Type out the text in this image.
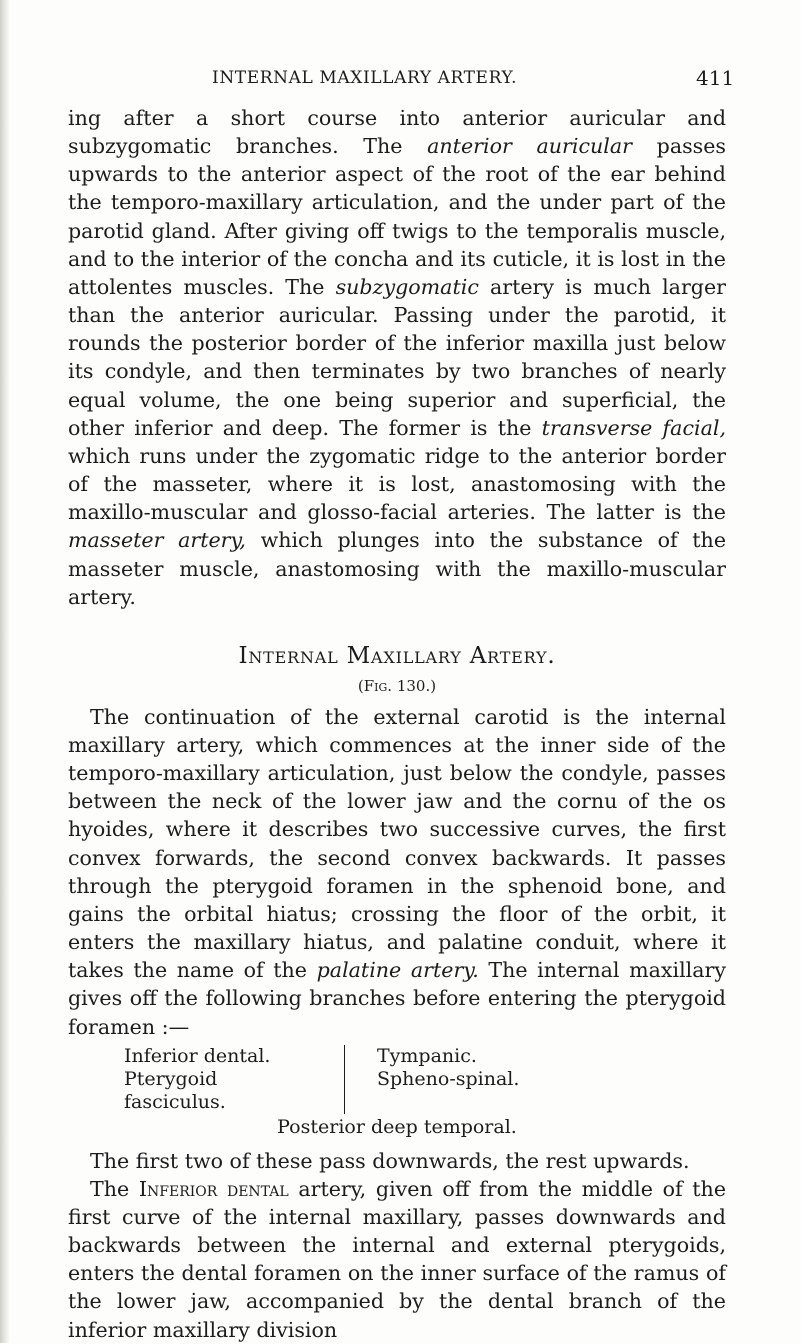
INTERNAL MAXILLARY ARTERY.	411

ing after a short course into anterior auricular and subzygomatic branches. The anterior auricular passes upwards to the anterior aspect of the root of the ear behind the temporo-maxillary articulation, and the under part of the parotid gland. After giving off twigs to the temporalis muscle, and to the interior of the concha and its cuticle, it is lost in the attolentes muscles. The subzygomatic artery is much larger than the anterior auricular. Passing under the parotid, it rounds the posterior border of the inferior maxilla just below its condyle, and then terminates by two branches of nearly equal volume, the one being superior and superficial, the other inferior and deep. The former is the transverse facial, which runs under the zygomatic ridge to the anterior border of the masseter, where it is lost, anastomosing with the maxillo-muscular and glosso-facial arteries. The latter is the masseter artery, which plunges into the substance of the masseter muscle, anastomosing with the maxillo-muscular artery.

Internal Maxillary Artery.
(Fig. 130.)

The continuation of the external carotid is the internal maxillary artery, which commences at the inner side of the temporo-maxillary articulation, just below the condyle, passes between the neck of the lower jaw and the cornu of the os hyoides, where it describes two successive curves, the first convex forwards, the second convex backwards. It passes through the pterygoid foramen in the sphenoid bone, and gains the orbital hiatus; crossing the floor of the orbit, it enters the maxillary hiatus, and palatine conduit, where it takes the name of the palatine artery. The internal maxillary gives off the following branches before entering the pterygoid foramen :—

Inferior dental.
Pterygoid fasciculus.
Tympanic.
Spheno-spinal.
Posterior deep temporal.

The first two of these pass downwards, the rest upwards.

The Inferior dental artery, given off from the middle of the first curve of the internal maxillary, passes downwards and backwards between the internal and external pterygoids, enters the dental foramen on the inner surface of the ramus of the lower jaw, accompanied by the dental branch of the inferior maxillary division
